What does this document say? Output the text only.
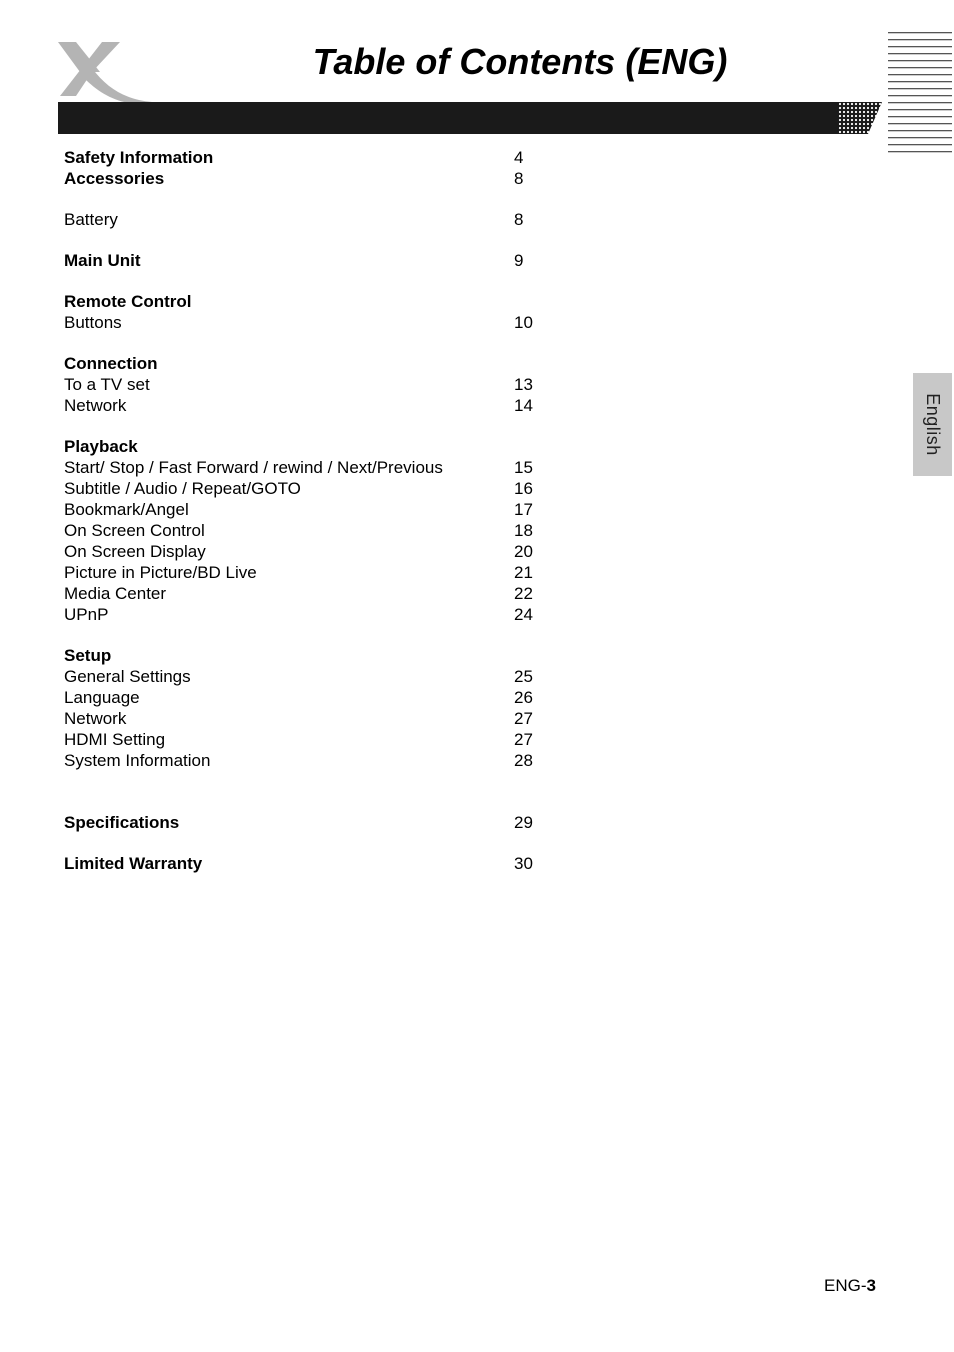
Table of Contents (ENG)
English
Safety Information	4
Accessories	8
Battery	8
Main Unit	9
Remote Control
Buttons	10
Connection
To a TV set	13
Network	14
Playback
Start/ Stop / Fast Forward / rewind / Next/Previous	15
Subtitle / Audio / Repeat/GOTO	16
Bookmark/Angel	17
On Screen Control	18
On Screen Display	20
Picture in Picture/BD Live	21
Media Center	22
UPnP	24
Setup
General Settings	25
Language	26
Network	27
HDMI Setting	27
System Information	28
Specifications	29
Limited Warranty	30
ENG-3
